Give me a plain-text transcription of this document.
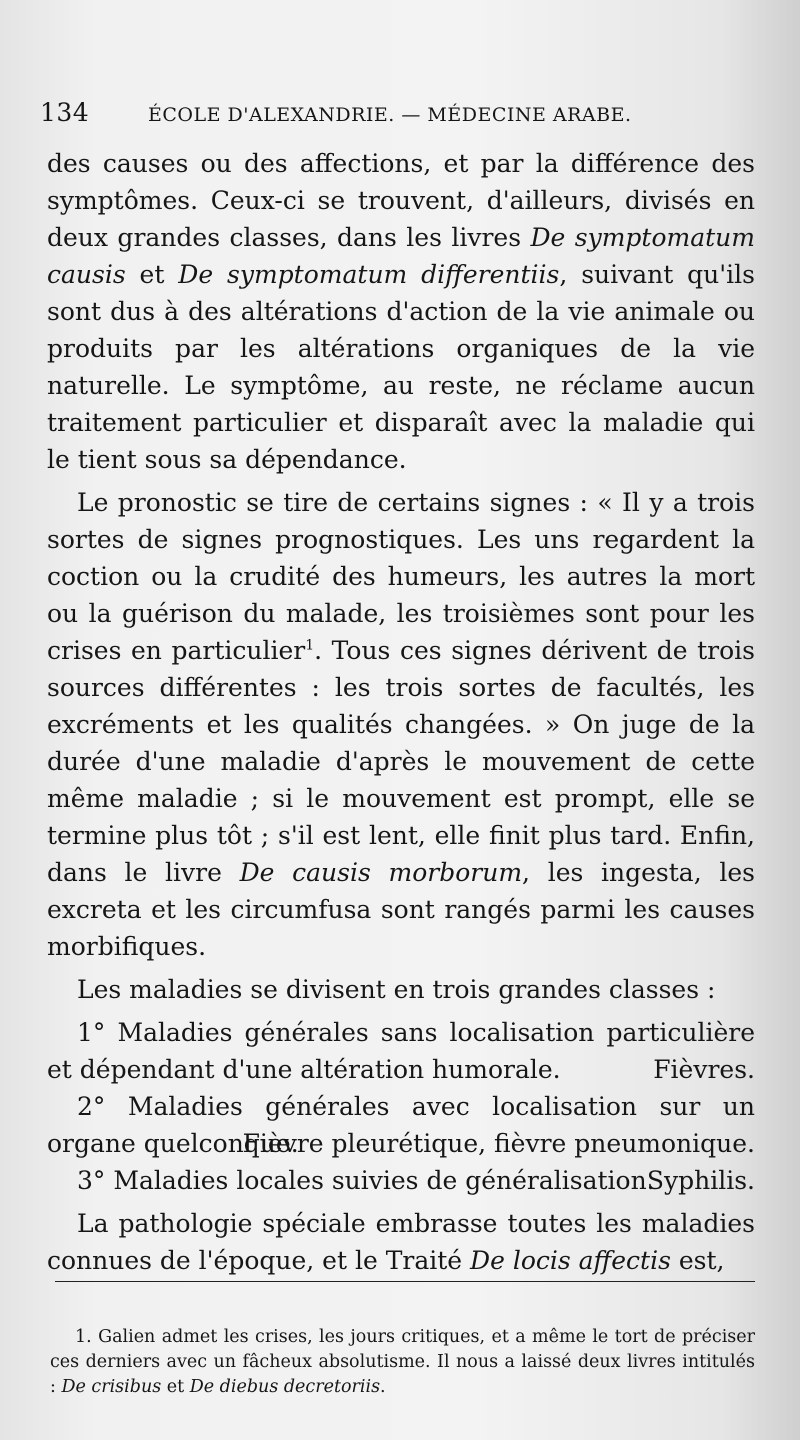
134	ÉCOLE D'ALEXANDRIE. — MÉDECINE ARABE.

des causes ou des affections, et par la différence des symptômes. Ceux-ci se trouvent, d'ailleurs, divisés en deux grandes classes, dans les livres De symptomatum causis et De symptomatum differentiis, suivant qu'ils sont dus à des altérations d'action de la vie animale ou produits par les altérations organiques de la vie naturelle. Le symptôme, au reste, ne réclame aucun traitement particulier et disparaît avec la maladie qui le tient sous sa dépendance.

Le pronostic se tire de certains signes : « Il y a trois sortes de signes prognostiques. Les uns regardent la coction ou la crudité des humeurs, les autres la mort ou la guérison du malade, les troisièmes sont pour les crises en particulier$^1$. Tous ces signes dérivent de trois sources différentes : les trois sortes de facultés, les excréments et les qualités changées. » On juge de la durée d'une maladie d'après le mouvement de cette même maladie ; si le mouvement est prompt, elle se termine plus tôt ; s'il est lent, elle finit plus tard. Enfin, dans le livre De causis morborum, les ingesta, les excreta et les circumfusa sont rangés parmi les causes morbifiques.

Les maladies se divisent en trois grandes classes :

1° Maladies générales sans localisation particulière et dépendant d'une altération humorale.	Fièvres.

2° Maladies générales avec localisation sur un organe quelconque.

Fièvre pleurétique, fièvre pneumonique.

3° Maladies locales suivies de généralisation.

Syphilis.

La pathologie spéciale embrasse toutes les maladies connues de l'époque, et le Traité De locis affectis est,

1. Galien admet les crises, les jours critiques, et a même le tort de préciser ces derniers avec un fâcheux absolutisme. Il nous a laissé deux livres intitulés : De crisibus et De diebus decretoriis.
